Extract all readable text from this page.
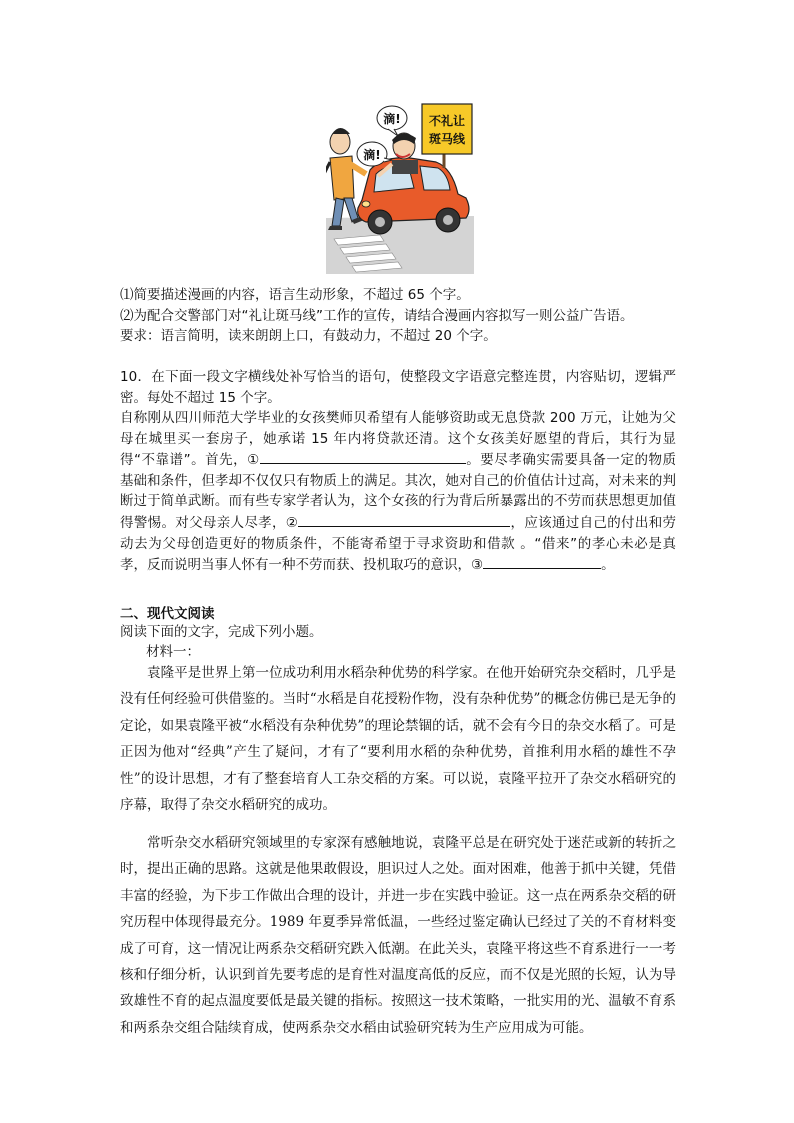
滴!
滴!
不礼让
斑马线

⑴简要描述漫画的内容，语言生动形象，不超过 65 个字。

⑵为配合交警部门对“礼让斑马线”工作的宣传，请结合漫画内容拟写一则公益广告语。

要求：语言简明，读来朗朗上口，有鼓动力，不超过 20 个字。

10．在下面一段文字横线处补写恰当的语句，使整段文字语意完整连贯，内容贴切，逻辑严密。每处不超过 15 个字。

自称刚从四川师范大学毕业的女孩樊师贝希望有人能够资助或无息贷款 200 万元，让她为父母在城里买一套房子，她承诺 15 年内将贷款还清。这个女孩美好愿望的背后，其行为显得“不靠谱”。首先，①	。要尽孝确实需要具备一定的物质基础和条件，但孝却不仅仅只有物质上的满足。其次，她对自己的价值估计过高，对未来的判断过于简单武断。而有些专家学者认为，这个女孩的行为背后所暴露出的不劳而获思想更加值得警惕。对父母亲人尽孝，②	，应该通过自己的付出和劳动去为父母创造更好的物质条件，不能寄希望于寻求资助和借款 。“借来”的孝心未必是真孝，反而说明当事人怀有一种不劳而获、投机取巧的意识，③	。

二、现代文阅读

阅读下面的文字，完成下列小题。

材料一：

袁隆平是世界上第一位成功利用水稻杂种优势的科学家。在他开始研究杂交稻时，几乎是没有任何经验可供借鉴的。当时“水稻是自花授粉作物，没有杂种优势”的概念仿佛已是无争的定论，如果袁隆平被“水稻没有杂种优势”的理论禁锢的话，就不会有今日的杂交水稻了。可是正因为他对“经典”产生了疑问，才有了“要利用水稻的杂种优势，首推利用水稻的雄性不孕性”的设计思想，才有了整套培育人工杂交稻的方案。可以说，袁隆平拉开了杂交水稻研究的序幕，取得了杂交水稻研究的成功。

常听杂交水稻研究领域里的专家深有感触地说，袁隆平总是在研究处于迷茫或新的转折之时，提出正确的思路。这就是他果敢假设，胆识过人之处。面对困难，他善于抓中关键，凭借丰富的经验，为下步工作做出合理的设计，并进一步在实践中验证。这一点在两系杂交稻的研究历程中体现得最充分。1989 年夏季异常低温，一些经过鉴定确认已经过了关的不育材料变成了可育，这一情况让两系杂交稻研究跌入低潮。在此关头，袁隆平将这些不育系进行一一考核和仔细分析，认识到首先要考虑的是育性对温度高低的反应，而不仅是光照的长短，认为导致雄性不育的起点温度要低是最关键的指标。按照这一技术策略，一批实用的光、温敏不育系和两系杂交组合陆续育成，使两系杂交水稻由试验研究转为生产应用成为可能。
